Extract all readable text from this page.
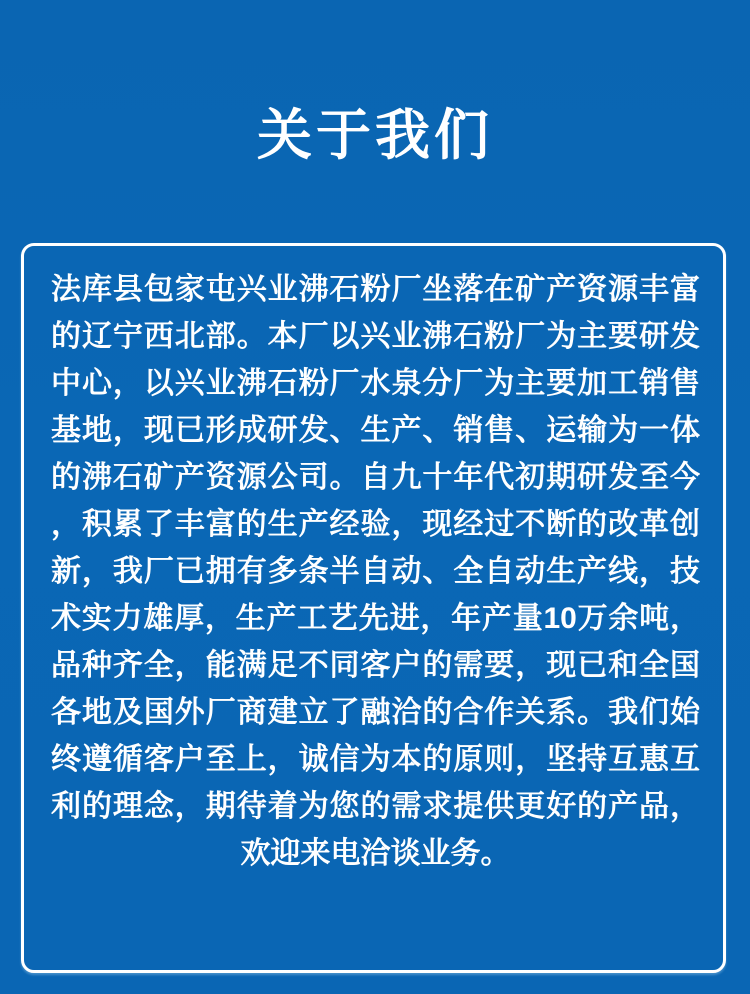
关于我们

法库县包家屯兴业沸石粉厂坐落在矿产资源丰富

的辽宁西北部。本厂以兴业沸石粉厂为主要研发

中心，以兴业沸石粉厂水泉分厂为主要加工销售

基地，现已形成研发、生产、销售、运输为一体

的沸石矿产资源公司。自九十年代初期研发至今

，积累了丰富的生产经验，现经过不断的改革创

新，我厂已拥有多条半自动、全自动生产线，技

术实力雄厚，生产工艺先进，年产量10万余吨，

品种齐全，能满足不同客户的需要，现已和全国

各地及国外厂商建立了融洽的合作关系。我们始

终遵循客户至上，诚信为本的原则，坚持互惠互

利的理念，期待着为您的需求提供更好的产品，

欢迎来电洽谈业务。
